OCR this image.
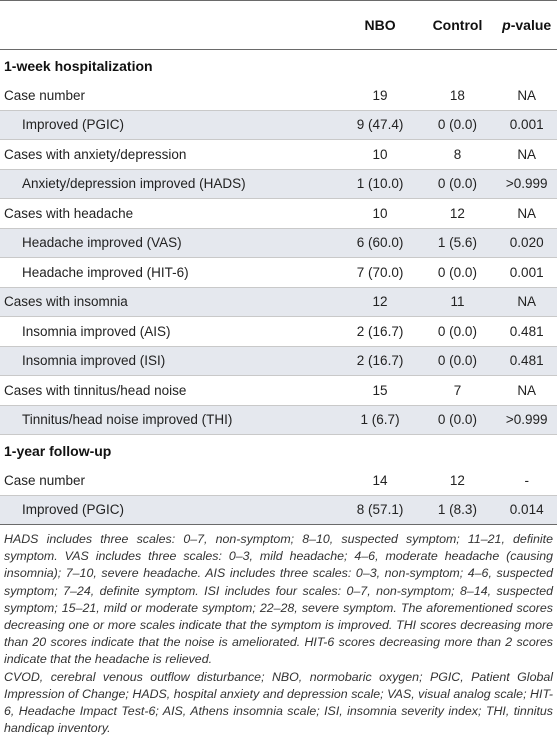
	NBO	Control	p-value
1-week hospitalization			
Case number	19	18	NA
Improved (PGIC)	9 (47.4)	0 (0.0)	0.001
Cases with anxiety/depression	10	8	NA
Anxiety/depression improved (HADS)	1 (10.0)	0 (0.0)	>0.999
Cases with headache	10	12	NA
Headache improved (VAS)	6 (60.0)	1 (5.6)	0.020
Headache improved (HIT-6)	7 (70.0)	0 (0.0)	0.001
Cases with insomnia	12	11	NA
Insomnia improved (AIS)	2 (16.7)	0 (0.0)	0.481
Insomnia improved (ISI)	2 (16.7)	0 (0.0)	0.481
Cases with tinnitus/head noise	15	7	NA
Tinnitus/head noise improved (THI)	1 (6.7)	0 (0.0)	>0.999
1-year follow-up			
Case number	14	12	-
Improved (PGIC)	8 (57.1)	1 (8.3)	0.014

HADS includes three scales: 0–7, non-symptom; 8–10, suspected symptom; 11–21, definite symptom. VAS includes three scales: 0–3, mild headache; 4–6, moderate headache (causing insomnia); 7–10, severe headache. AIS includes three scales: 0–3, non-symptom; 4–6, suspected symptom; 7–24, definite symptom. ISI includes four scales: 0–7, non-symptom; 8–14, suspected symptom; 15–21, mild or moderate symptom; 22–28, severe symptom. The aforementioned scores decreasing one or more scales indicate that the symptom is improved. THI scores decreasing more than 20 scores indicate that the noise is ameliorated. HIT-6 scores decreasing more than 2 scores indicate that the headache is relieved.

CVOD, cerebral venous outflow disturbance; NBO, normobaric oxygen; PGIC, Patient Global Impression of Change; HADS, hospital anxiety and depression scale; VAS, visual analog scale; HIT-6, Headache Impact Test-6; AIS, Athens insomnia scale; ISI, insomnia severity index; THI, tinnitus handicap inventory.
